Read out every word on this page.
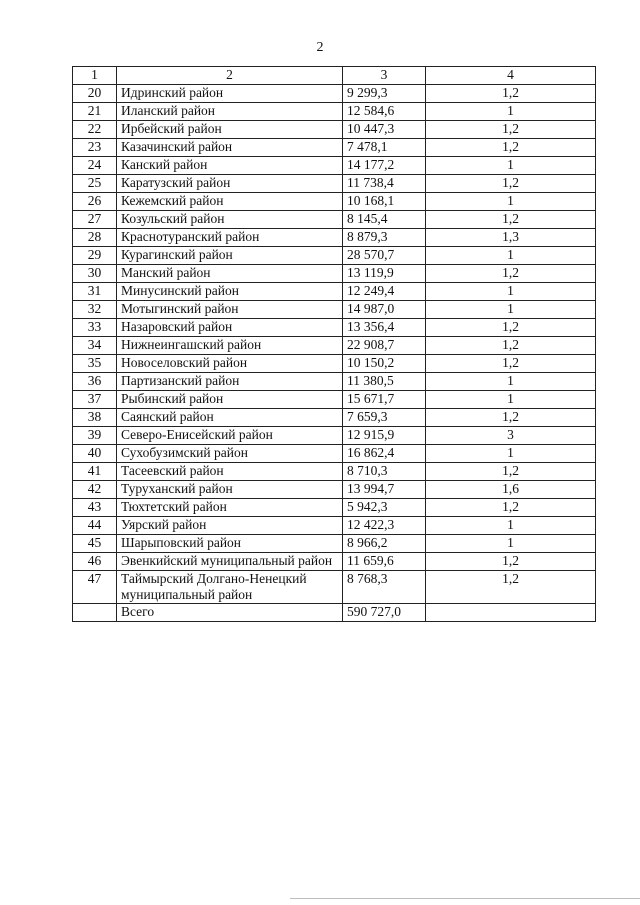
2
1	2	3	4
20	Идринский район	9 299,3	1,2
21	Иланский район	12 584,6	1
22	Ирбейский район	10 447,3	1,2
23	Казачинский район	7 478,1	1,2
24	Канский район	14 177,2	1
25	Каратузский район	11 738,4	1,2
26	Кежемский район	10 168,1	1
27	Козульский район	8 145,4	1,2
28	Краснотуранский район	8 879,3	1,3
29	Курагинский район	28 570,7	1
30	Манский район	13 119,9	1,2
31	Минусинский район	12 249,4	1
32	Мотыгинский район	14 987,0	1
33	Назаровский район	13 356,4	1,2
34	Нижнеингашский район	22 908,7	1,2
35	Новоселовский район	10 150,2	1,2
36	Партизанский район	11 380,5	1
37	Рыбинский район	15 671,7	1
38	Саянский район	7 659,3	1,2
39	Северо-Енисейский район	12 915,9	3
40	Сухобузимский район	16 862,4	1
41	Тасеевский район	8 710,3	1,2
42	Туруханский район	13 994,7	1,6
43	Тюхтетский район	5 942,3	1,2
44	Уярский район	12 422,3	1
45	Шарыповский район	8 966,2	1
46	Эвенкийский муниципальный район	11 659,6	1,2
47	Таймырский Долгано-Ненецкий муниципальный район	8 768,3	1,2
	Всего	590 727,0	
